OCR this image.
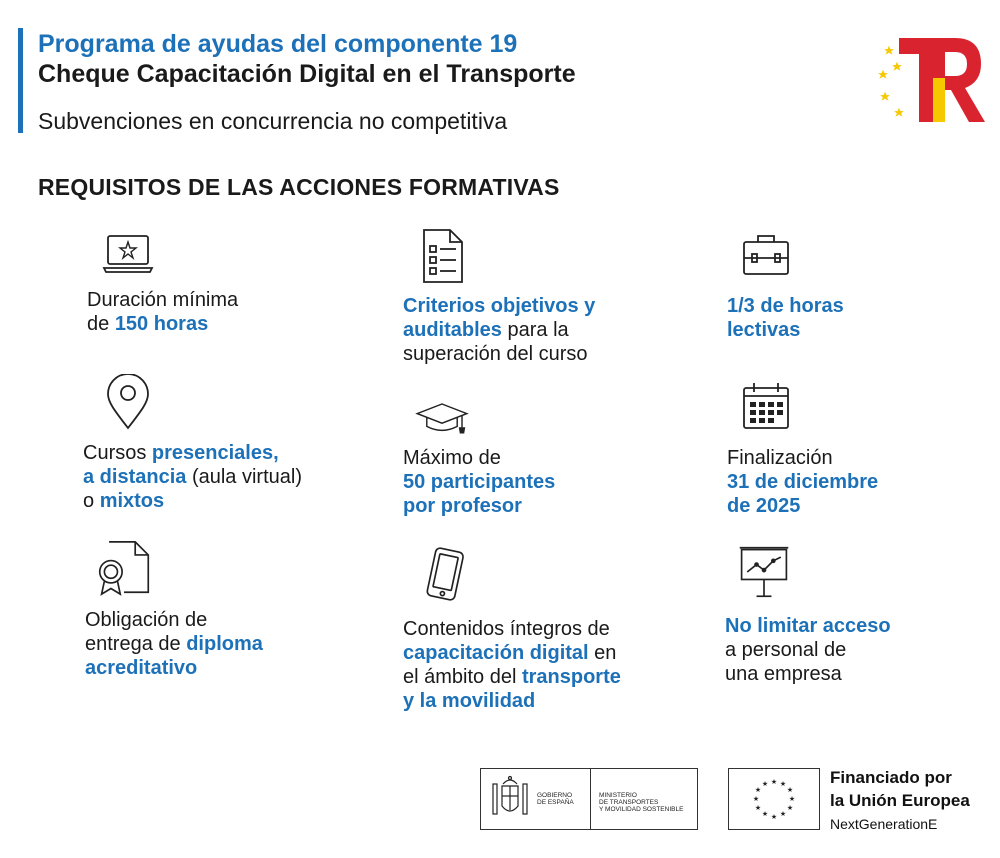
Programa de ayudas del componente 19
Cheque Capacitación Digital en el Transporte
Subvenciones en concurrencia no competitiva
REQUISITOS DE LAS ACCIONES FORMATIVAS
Duración mínima
de 150 horas
Criterios objetivos y
auditables para la
superación del curso
1/3 de horas
lectivas
Cursos presenciales,
a distancia (aula virtual)
o mixtos
Máximo de
50 participantes
por profesor
Finalización
31 de diciembre
de 2025
Obligación de
entrega de diploma
acreditativo
Contenidos íntegros de
capacitación digital en
el ámbito del transporte
y la movilidad
No limitar acceso
a personal de
una empresa
GOBIERNO
DE ESPAÑA
MINISTERIO
DE TRANSPORTES
Y MOVILIDAD SOSTENIBLE
★ ★
★
★
★
★
★
★
★
★
★
★	Financiado por
la Unión Europea
NextGenerationE
